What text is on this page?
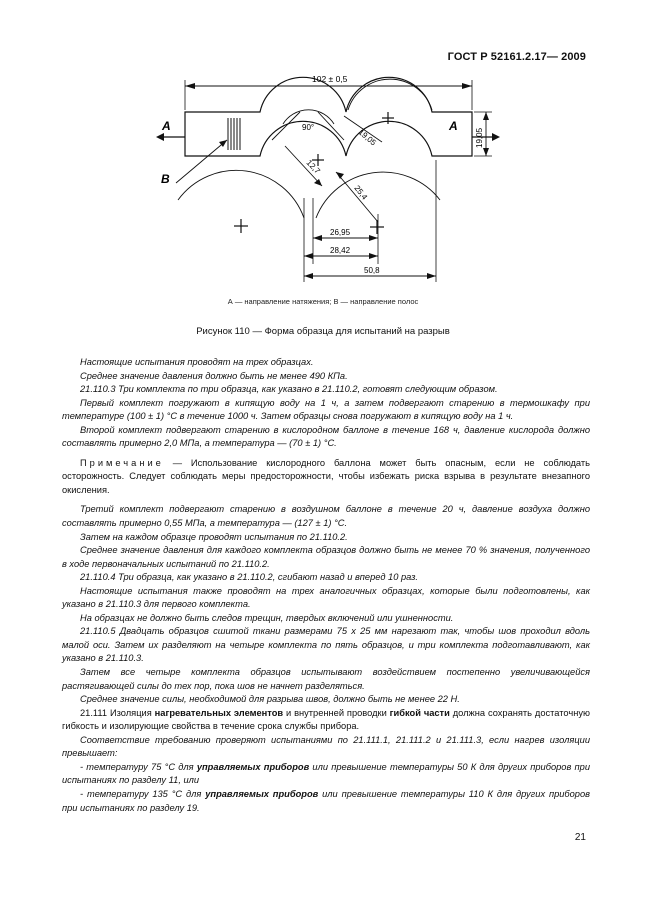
ГОСТ Р 52161.2.17— 2009
102 ± 0,5
90°
19,05
12,7
25,4
19,05
26,95
28,42
50,8
A	A
B
А — направление натяжения; В — направление полос
Рисунок 110 — Форма образца для испытаний на разрыв

Настоящие испытания проводят на трех образцах.

Среднее значение давления должно быть не менее 490 КПа.

21.110.3 Три комплекта по три образца, как указано в 21.110.2, готовят следующим образом.

Первый комплект погружают в кипящую воду на 1 ч, а затем подвергают старению в термошкафу при температуре (100 ± 1) °С в течение 1000 ч. Затем образцы снова погружают в кипящую воду на 1 ч.

Второй комплект подвергают старению в кислородном баллоне в течение 168 ч, давление кислорода должно составлять примерно 2,0 МПа, а температура — (70 ± 1) °С.

Примечание — Использование кислородного баллона может быть опасным, если не соблюдать осторожность. Следует соблюдать меры предосторожности, чтобы избежать риска взрыва в результате внезапного окисления.

Третий комплект подвергают старению в воздушном баллоне в течение 20 ч, давление воздуха должно составлять примерно 0,55 МПа, а температура — (127 ± 1) °С.

Затем на каждом образце проводят испытания по 21.110.2.

Среднее значение давления для каждого комплекта образцов должно быть не менее 70 % значения, полученного в ходе первоначальных испытаний по 21.110.2.

21.110.4 Три образца, как указано в 21.110.2, сгибают назад и вперед 10 раз.

Настоящие испытания также проводят на трех аналогичных образцах, которые были подготовлены, как указано в 21.110.3 для первого комплекта.

На образцах не должно быть следов трещин, твердых включений или ушненности.

21.110.5 Двадцать образцов сшитой ткани размерами 75 х 25 мм нарезают так, чтобы шов проходил вдоль малой оси. Затем их разделяют на четыре комплекта по пять образцов, и три комплекта подготавливают, как указано в 21.110.3.

Затем все четыре комплекта образцов испытывают воздействием постепенно увеличивающейся растягивающей силы до тех пор, пока шов не начнет разделяться.

Среднее значение силы, необходимой для разрыва швов, должно быть не менее 22 Н.

21.111 Изоляция нагревательных элементов и внутренней проводки гибкой части должна сохранять достаточную гибкость и изолирующие свойства в течение срока службы прибора.

Соответствие требованию проверяют испытаниями по 21.111.1, 21.111.2 и 21.111.3, если нагрев изоляции превышает:

- температуру 75 °С для управляемых приборов или превышение температуры 50 К для других приборов при испытаниях по разделу 11, или

- температуру 135 °С для управляемых приборов или превышение температуры 110 К для других приборов при испытаниях по разделу 19.

21
